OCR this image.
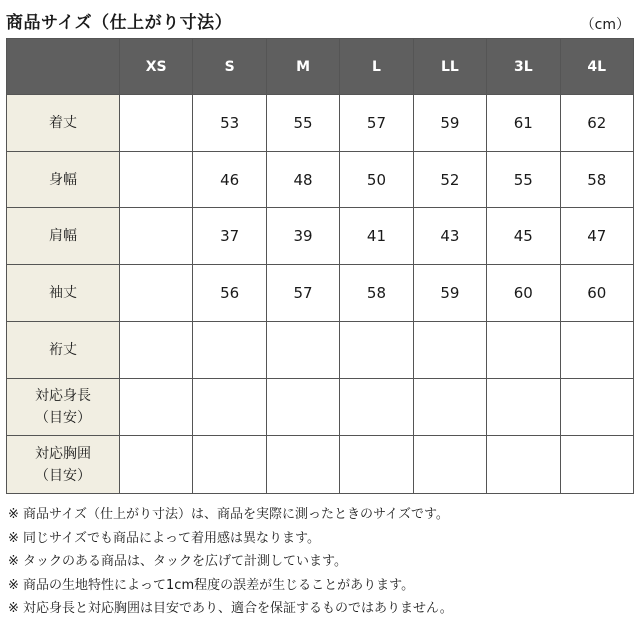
商品サイズ（仕上がり寸法）	（cm）
	XS	S	M	L	LL	3L	4L
着丈		53	55	57	59	61	62
身幅		46	48	50	52	55	58
肩幅		37	39	41	43	45	47
袖丈		56	57	58	59	60	60
裄丈							
対応身長
（目安）							
対応胸囲
（目安）							
※ 商品サイズ（仕上がり寸法）は、商品を実際に測ったときのサイズです。
※ 同じサイズでも商品によって着用感は異なります。
※ タックのある商品は、タックを広げて計測しています。
※ 商品の生地特性によって1cm程度の誤差が生じることがあります。
※ 対応身長と対応胸囲は目安であり、適合を保証するものではありません。
